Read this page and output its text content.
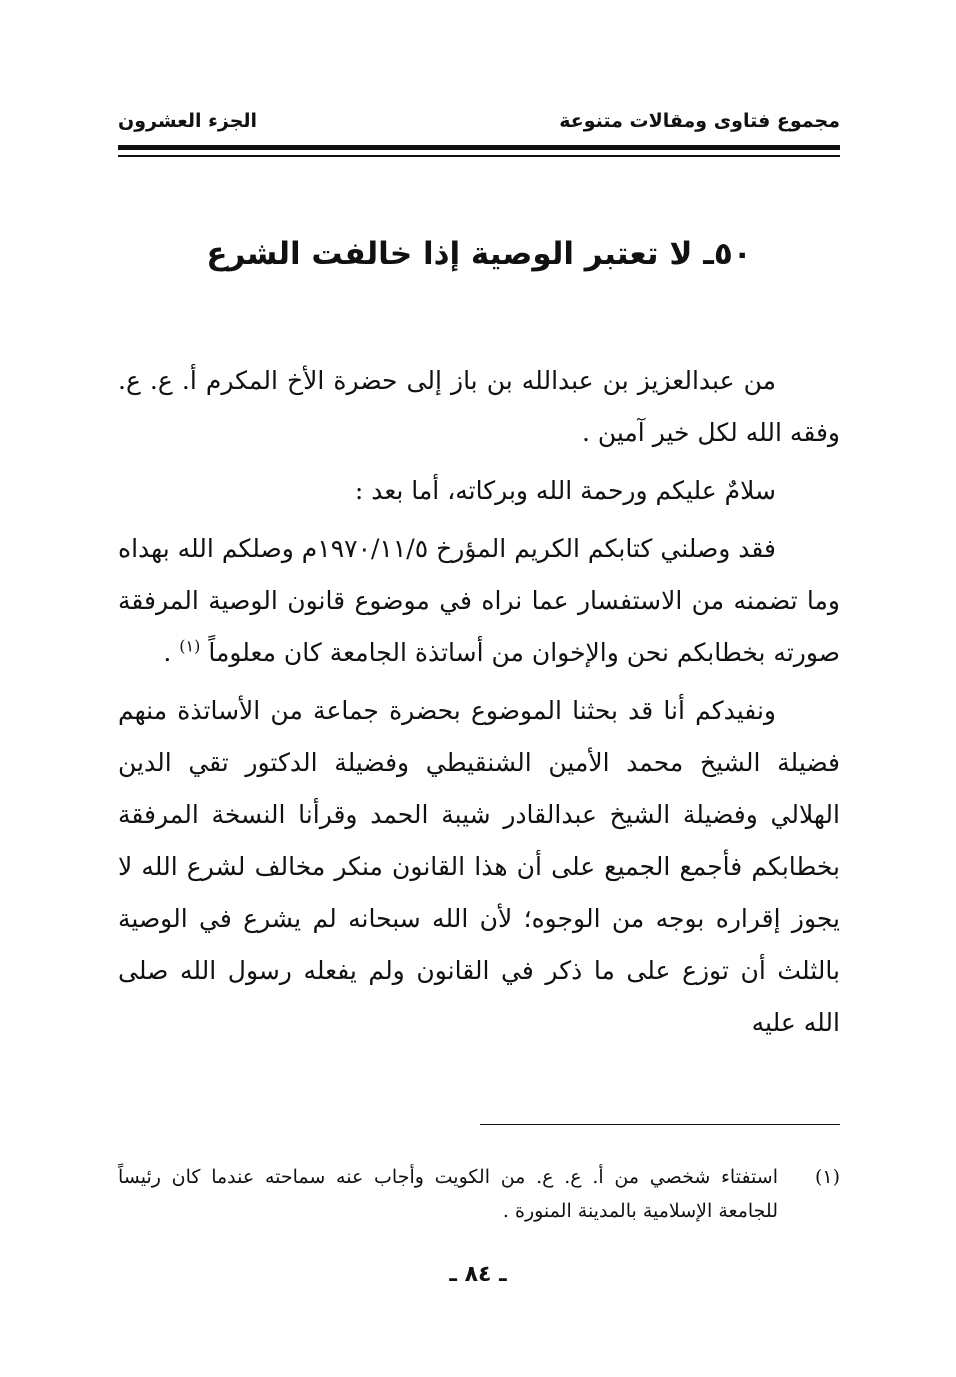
مجموع فتاوى ومقالات متنوعة
الجزء العشرون
٥٠ـ لا تعتبر الوصية إذا خالفت الشرع

من عبدالعزيز بن عبدالله بن باز إلى حضرة الأخ المكرم أ. ع. ع. وفقه الله لكل خير آمين .

سلامٌ عليكم ورحمة الله وبركاته، أما بعد :

فقد وصلني كتابكم الكريم المؤرخ ١٩٧٠/١١/٥م وصلكم الله بهداه وما تضمنه من الاستفسار عما نراه في موضوع قانون الوصية المرفقة صورته بخطابكم نحن والإخوان من أساتذة الجامعة كان معلوماً $^{(١)}$ .

ونفيدكم أنا قد بحثنا الموضوع بحضرة جماعة من الأساتذة منهم فضيلة الشيخ محمد الأمين الشنقيطي وفضيلة الدكتور تقي الدين الهلالي وفضيلة الشيخ عبدالقادر شيبة الحمد وقرأنا النسخة المرفقة بخطابكم فأجمع الجميع على أن هذا القانون منكر مخالف لشرع الله لا يجوز إقراره بوجه من الوجوه؛ لأن الله سبحانه لم يشرع في الوصية بالثلث أن توزع على ما ذكر في القانون ولم يفعله رسول الله صلى الله عليه

(١)
استفتاء شخصي من أ. ع. ع. من الكويت وأجاب عنه سماحته عندما كان رئيساً للجامعة الإسلامية بالمدينة المنورة .
ـ ٨٤ ـ
